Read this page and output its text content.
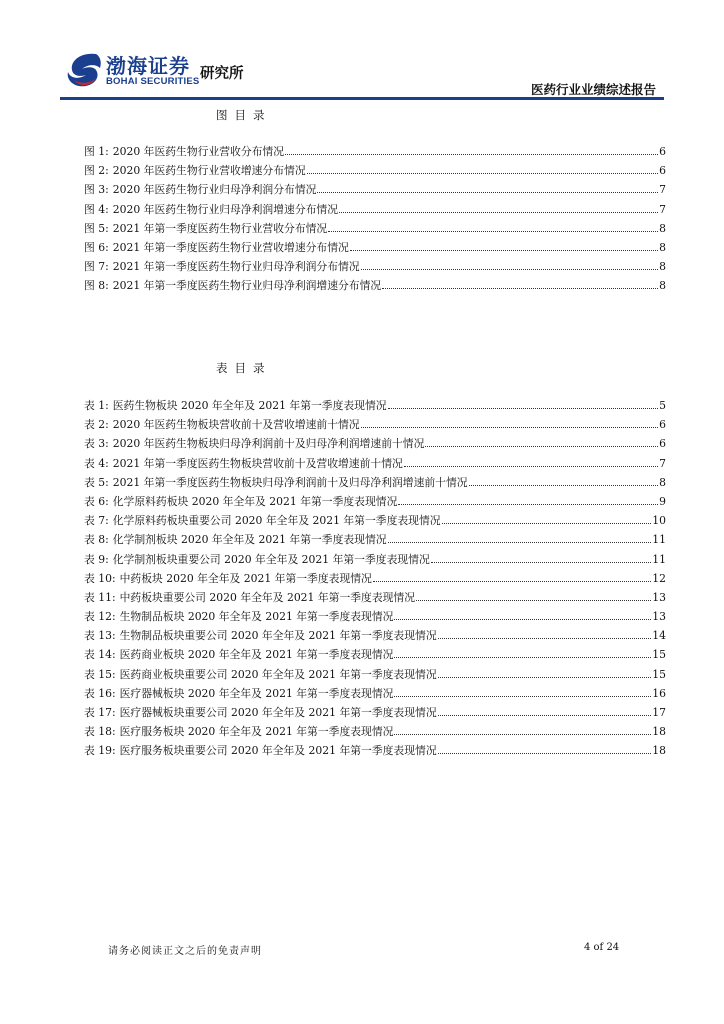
渤海证券
BOHAI SECURITIES 研究所
医药行业业绩综述报告
图目录
图 1: 2020 年医药生物行业营收分布情况	6
图 2: 2020 年医药生物行业营收增速分布情况	6
图 3: 2020 年医药生物行业归母净利润分布情况	7
图 4: 2020 年医药生物行业归母净利润增速分布情况	7
图 5: 2021 年第一季度医药生物行业营收分布情况	8
图 6: 2021 年第一季度医药生物行业营收增速分布情况	8
图 7: 2021 年第一季度医药生物行业归母净利润分布情况	8
图 8: 2021 年第一季度医药生物行业归母净利润增速分布情况	8
表目录
表 1: 医药生物板块 2020 年全年及 2021 年第一季度表现情况	5
表 2: 2020 年医药生物板块营收前十及营收增速前十情况	6
表 3: 2020 年医药生物板块归母净利润前十及归母净利润增速前十情况	6
表 4: 2021 年第一季度医药生物板块营收前十及营收增速前十情况	7
表 5: 2021 年第一季度医药生物板块归母净利润前十及归母净利润增速前十情况	8
表 6: 化学原料药板块 2020 年全年及 2021 年第一季度表现情况	9
表 7: 化学原料药板块重要公司 2020 年全年及 2021 年第一季度表现情况	10
表 8: 化学制剂板块 2020 年全年及 2021 年第一季度表现情况	11
表 9: 化学制剂板块重要公司 2020 年全年及 2021 年第一季度表现情况	11
表 10: 中药板块 2020 年全年及 2021 年第一季度表现情况	12
表 11: 中药板块重要公司 2020 年全年及 2021 年第一季度表现情况	13
表 12: 生物制品板块 2020 年全年及 2021 年第一季度表现情况	13
表 13: 生物制品板块重要公司 2020 年全年及 2021 年第一季度表现情况	14
表 14: 医药商业板块 2020 年全年及 2021 年第一季度表现情况	15
表 15: 医药商业板块重要公司 2020 年全年及 2021 年第一季度表现情况	15
表 16: 医疗器械板块 2020 年全年及 2021 年第一季度表现情况	16
表 17: 医疗器械板块重要公司 2020 年全年及 2021 年第一季度表现情况	17
表 18: 医疗服务板块 2020 年全年及 2021 年第一季度表现情况	18
表 19: 医疗服务板块重要公司 2020 年全年及 2021 年第一季度表现情况	18
请务必阅读正文之后的免责声明	4 of 24
